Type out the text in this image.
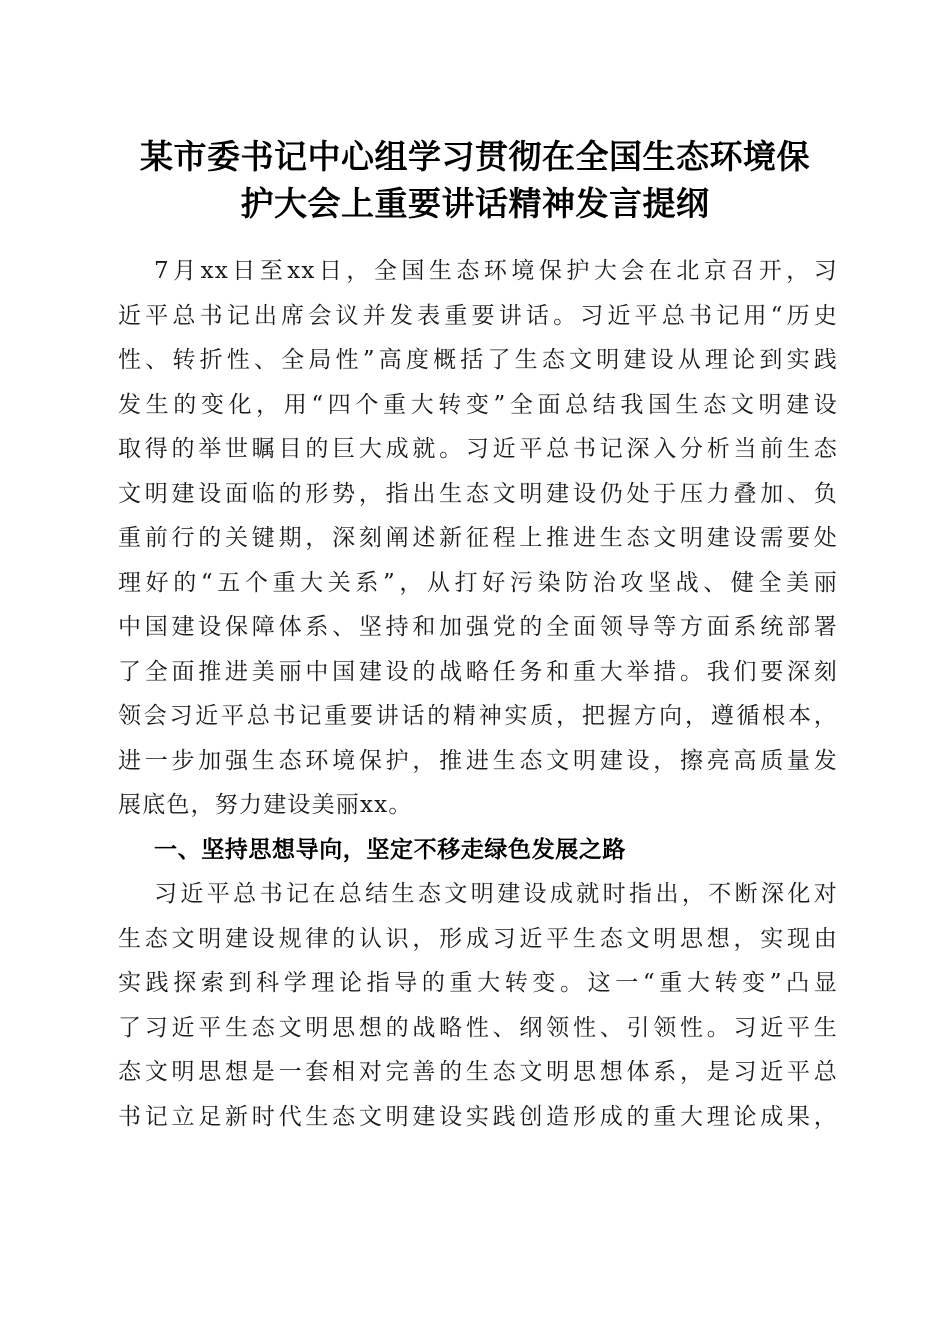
某市委书记中心组学习贯彻在全国生态环境保
护大会上重要讲话精神发言提纲
7月xx日至xx日，全国生态环境保护大会在北京召开，习
近平总书记出席会议并发表重要讲话。习近平总书记用“历史
性、转折性、全局性”高度概括了生态文明建设从理论到实践
发生的变化，用“四个重大转变”全面总结我国生态文明建设
取得的举世瞩目的巨大成就。习近平总书记深入分析当前生态
文明建设面临的形势，指出生态文明建设仍处于压力叠加、负
重前行的关键期，深刻阐述新征程上推进生态文明建设需要处
理好的“五个重大关系”，从打好污染防治攻坚战、健全美丽
中国建设保障体系、坚持和加强党的全面领导等方面系统部署
了全面推进美丽中国建设的战略任务和重大举措。我们要深刻
领会习近平总书记重要讲话的精神实质，把握方向，遵循根本，
进一步加强生态环境保护，推进生态文明建设，擦亮高质量发
展底色，努力建设美丽xx。
一、坚持思想导向，坚定不移走绿色发展之路
习近平总书记在总结生态文明建设成就时指出，不断深化对
生态文明建设规律的认识，形成习近平生态文明思想，实现由
实践探索到科学理论指导的重大转变。这一“重大转变”凸显
了习近平生态文明思想的战略性、纲领性、引领性。习近平生
态文明思想是一套相对完善的生态文明思想体系，是习近平总
书记立足新时代生态文明建设实践创造形成的重大理论成果，
